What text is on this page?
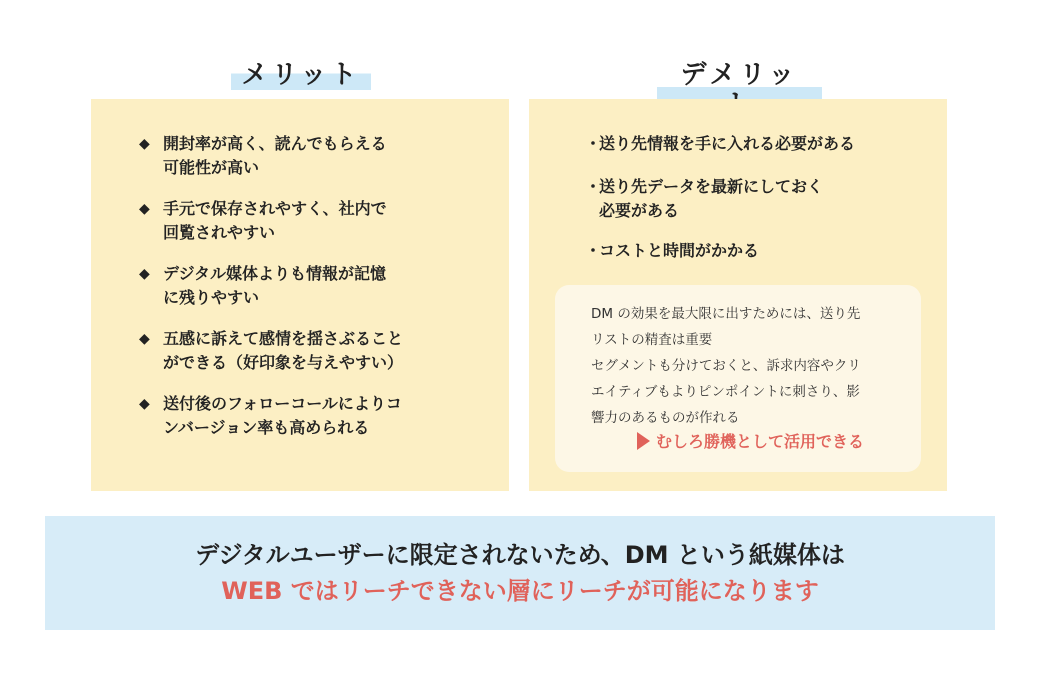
メリット	デメリッ
◆ 開封率が高く、読んでもらえる
可能性が高い
◆ 手元で保存されやすく、社内で
回覧されやすい
◆ デジタル媒体よりも情報が記憶
に残りやすい
◆ 五感に訴えて感情を揺さぶること
ができる（好印象を与えやすい）
◆ 送付後のフォローコールによりコ
ンバージョン率も高められる
・
送り先情報を手に入れる必要がある
・
送り先データを最新にしておく
必要がある
・
コストと時間がかかる
DM の効果を最大限に出すためには、送り先
リストの精査は重要
セグメントも分けておくと、訴求内容やクリ
エイティブもよりピンポイントに刺さり、影
響力のあるものが作れる
むしろ勝機として活用できる
デジタルユーザーに限定されないため、DM という紙媒体は
WEB ではリーチできない層にリーチが可能になります
